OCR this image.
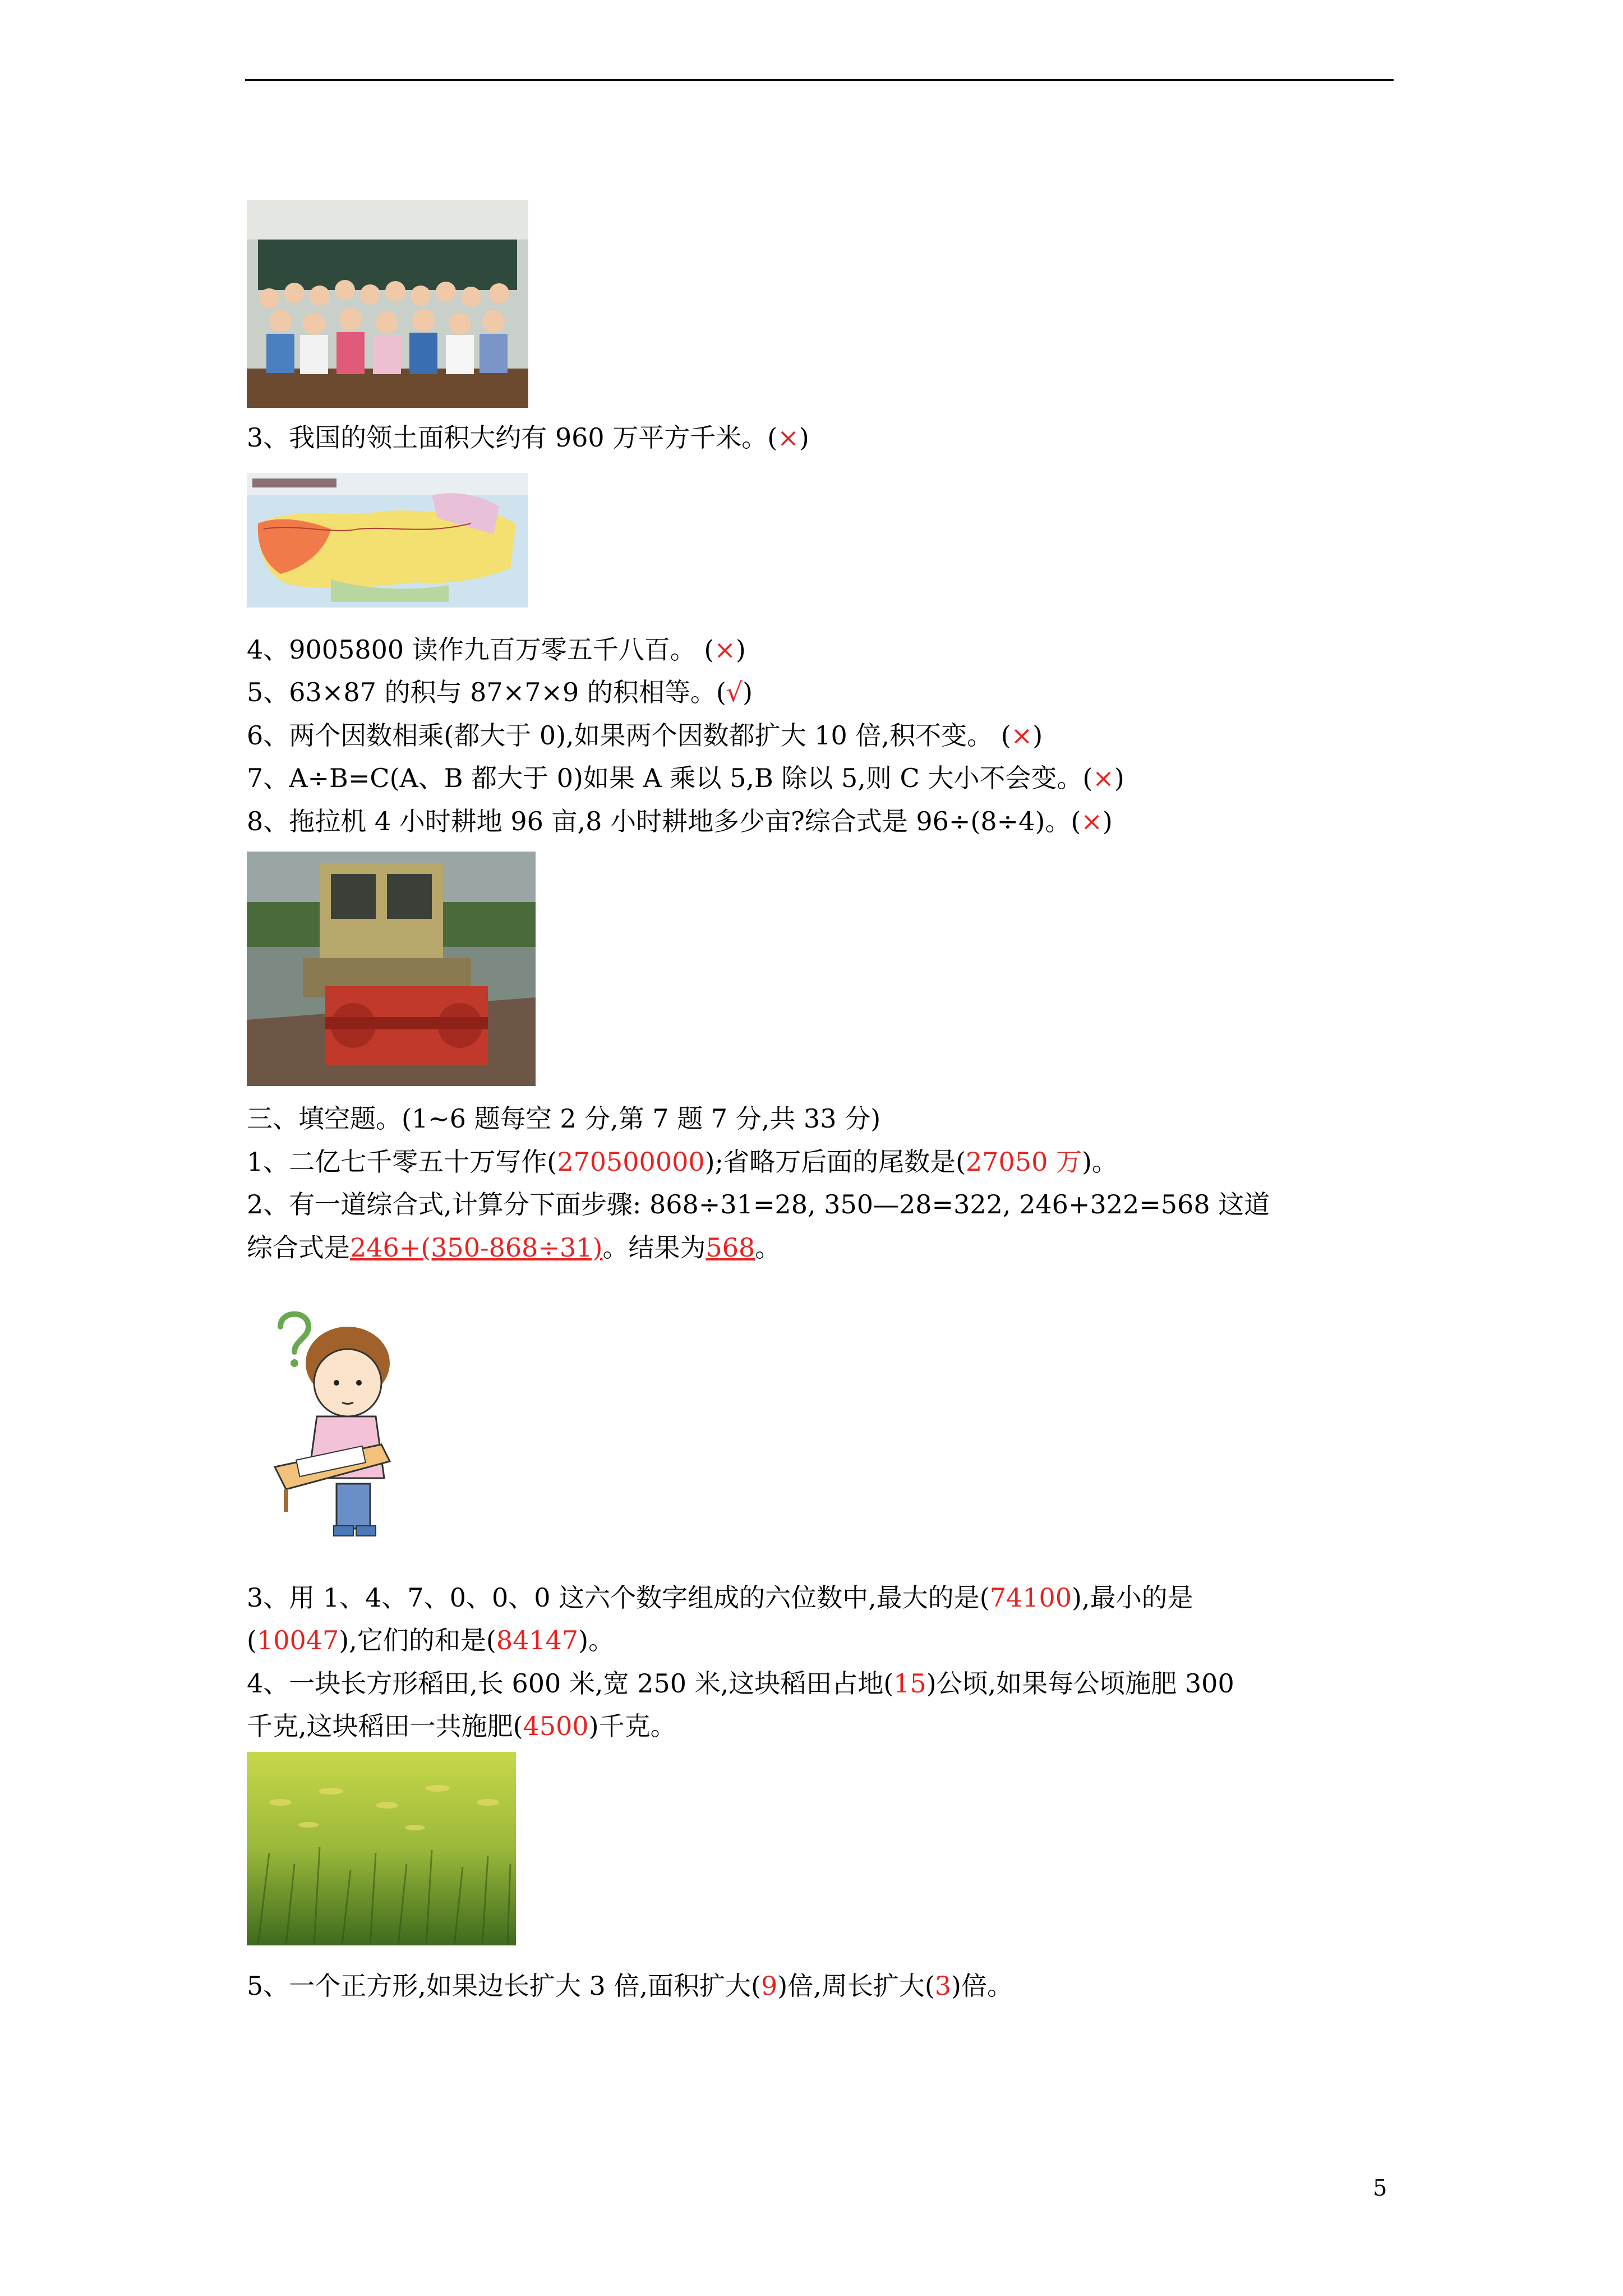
3、我国的领土面积大约有 960 万平方千米。(×)
4、9005800 读作九百万零五千八百。 (×)
5、63×87 的积与 87×7×9 的积相等。(√)
6、两个因数相乘(都大于 0),如果两个因数都扩大 10 倍,积不变。 (×)
7、A÷B=C(A、B 都大于 0)如果 A 乘以 5,B 除以 5,则 C 大小不会变。(×)
8、拖拉机 4 小时耕地 96 亩,8 小时耕地多少亩?综合式是 96÷(8÷4)。(×)
三、填空题。(1~6 题每空 2 分,第 7 题 7 分,共 33 分)
1、二亿七千零五十万写作(270500000);省略万后面的尾数是(27050 万)。
2、有一道综合式,计算分下面步骤: 868÷31=28, 350—28=322, 246+322=568 这道
综合式是246+(350-868÷31)。结果为568。
3、用 1、4、7、0、0、0 这六个数字组成的六位数中,最大的是(74100),最小的是
(10047),它们的和是(84147)。
4、一块长方形稻田,长 600 米,宽 250 米,这块稻田占地(15)公顷,如果每公顷施肥 300
千克,这块稻田一共施肥(4500)千克。
5、一个正方形,如果边长扩大 3 倍,面积扩大(9)倍,周长扩大(3)倍。
5
